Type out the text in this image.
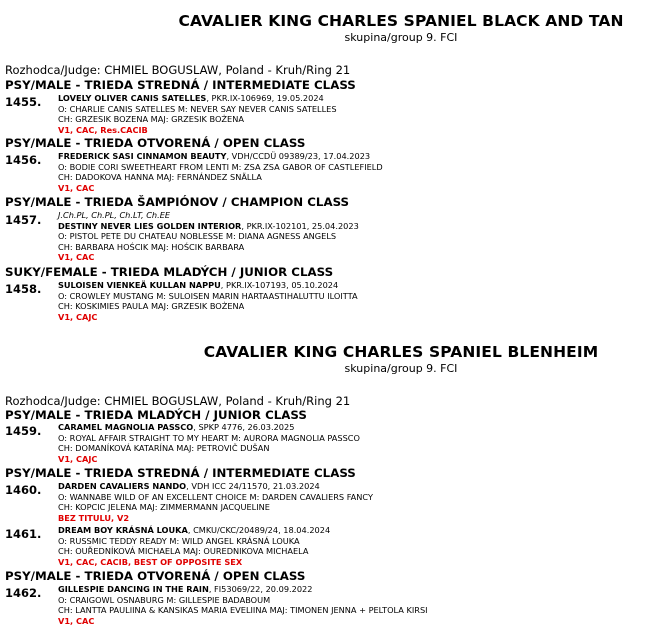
CAVALIER KING CHARLES SPANIEL BLACK AND TAN
skupina/group 9. FCI
Rozhodca/Judge: CHMIEL BOGUSLAW, Poland - Kruh/Ring 21
PSY/MALE - TRIEDA STREDNÁ / INTERMEDIATE CLASS
1455. LOVELY OLIVER CANIS SATELLES, PKR.IX-106969, 19.05.2024
O: CHARLIE CANIS SATELLES M: NEVER SAY NEVER CANIS SATELLES
CH: GRZESIK BOZENA MAJ: GRZESIK BOŻENA
V1, CAC, Res.CACIB
PSY/MALE - TRIEDA OTVORENÁ / OPEN CLASS
1456. FREDERICK SASI CINNAMON BEAUTY, VDH/CCDÜ 09389/23, 17.04.2023
O: BODIE CORI SWEETHEART FROM LENTI M: ZSA ZSA GABOR OF CASTLEFIELD
CH: DADOKOVA HANNA MAJ: FERNÁNDEZ SNÄLLA
V1, CAC
PSY/MALE - TRIEDA ŠAMPIÓNOV / CHAMPION CLASS
1457. J.Ch.PL, Ch.PL, Ch.LT, Ch.EE
DESTINY NEVER LIES GOLDEN INTERIOR, PKR.IX-102101, 25.04.2023
O: PISTOL PETE DU CHATEAU NOBLESSE M: DIANA AGNESS ANGELS
CH: BARBARA HOŚCIK MAJ: HOŚCIK BARBARA
V1, CAC
SUKY/FEMALE - TRIEDA MLADÝCH / JUNIOR CLASS
1458. SULOISEN VIENKEÄ KULLAN NAPPU, PKR.IX-107193, 05.10.2024
O: CROWLEY MUSTANG M: SULOISEN MARIN HARTAASTIHALUTTU ILOITTA
CH: KOSKIMIES PAULA MAJ: GRZESIK BOŻENA
V1, CAJC
CAVALIER KING CHARLES SPANIEL BLENHEIM
skupina/group 9. FCI
Rozhodca/Judge: CHMIEL BOGUSLAW, Poland - Kruh/Ring 21
PSY/MALE - TRIEDA MLADÝCH / JUNIOR CLASS
1459. CARAMEL MAGNOLIA PASSCO, SPKP 4776, 26.03.2025
O: ROYAL AFFAIR STRAIGHT TO MY HEART M: AURORA MAGNOLIA PASSCO
CH: DOMANÍKOVÁ KATARÍNA MAJ: PETROVIČ DUŠAN
V1, CAJC
PSY/MALE - TRIEDA STREDNÁ / INTERMEDIATE CLASS
1460. DARDEN CAVALIERS NANDO, VDH ICC 24/11570, 21.03.2024
O: WANNABE WILD OF AN EXCELLENT CHOICE M: DARDEN CAVALIERS FANCY
CH: KOPCIC JELENA MAJ: ZIMMERMANN JACQUELINE
BEZ TITULU, V2
1461. DREAM BOY KRÁSNÁ LOUKA, CMKU/CKC/20489/24, 18.04.2024
O: RUSSMIC TEDDY READY M: WILD ANGEL KRÁSNÁ LOUKA
CH: OUŘEDNÍKOVÁ MICHAELA MAJ: OUREDNIKOVA MICHAELA
V1, CAC, CACIB, BEST OF OPPOSITE SEX
PSY/MALE - TRIEDA OTVORENÁ / OPEN CLASS
1462. GILLESPIE DANCING IN THE RAIN, FI53069/22, 20.09.2022
O: CRAIGOWL OSNABURG M: GILLESPIE BADABOUM
CH: LANTTA PAULIINA & KANSIKAS MARIA EVELIINA MAJ: TIMONEN JENNA + PELTOLA KIRSI
V1, CAC
